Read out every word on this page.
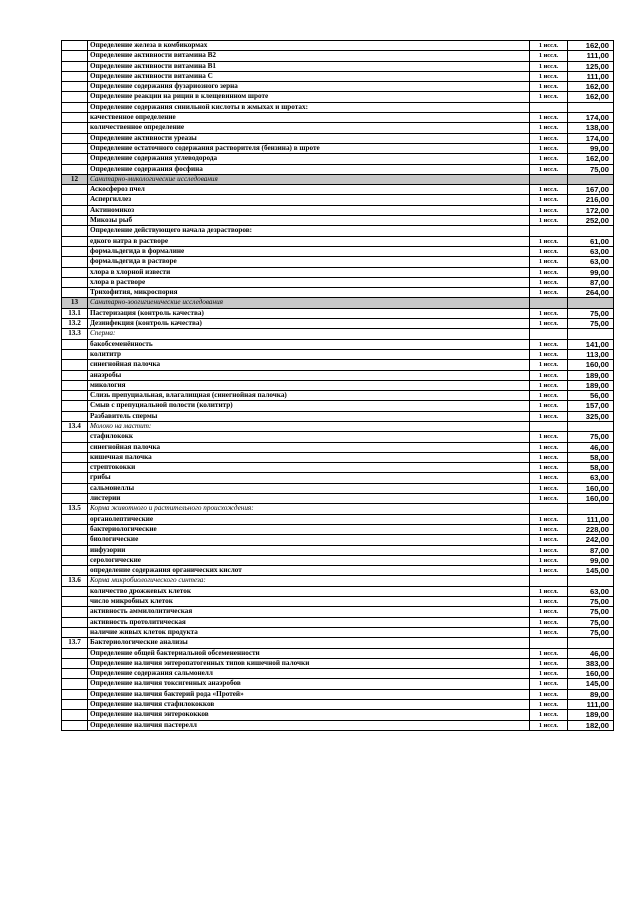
	Определение железа в комбикормах	1 иссл.	162,00
	Определение активности витамина В2	1 иссл.	111,00
	Определение активности витамина В1	1 иссл.	125,00
	Определение активности витамина С	1 иссл.	111,00
	Определение содержания фузариозного зерна	1 иссл.	162,00
	Определение реакции на рицин в клещевинном шроте	1 иссл.	162,00
	Определение содержания синильной кислоты в жмыхах и шротах:		
	качественное определение	1 иссл.	174,00
	количественное определение	1 иссл.	138,00
	Определение активности уреазы	1 иссл.	174,00
	Определение остаточного содержания растворителя (бензина) в шроте	1 иссл.	99,00
	Определение содержания углеводорода	1 иссл.	162,00
	Определение содержания фосфина	1 иссл.	75,00
12	Санитарно-микологические исследования		
	Аскосфероз пчел	1 иссл.	167,00
	Аспергиллез	1 иссл.	216,00
	Актиномикоз	1 иссл.	172,00
	Микозы рыб	1 иссл.	252,00
	Определение действующего начала дезрастворов:		
	едкого натра в растворе	1 иссл.	61,00
	формальдегида в формалине	1 иссл.	63,00
	формальдегида в растворе	1 иссл.	63,00
	хлора в хлорной извести	1 иссл.	99,00
	хлора в растворе	1 иссл.	87,00
	Трихофития, микроспория	1 иссл.	264,00
13	Санитарно-зоогигиенические исследования		
13.1	Пастеризация (контроль качества)	1 иссл.	75,00
13.2	Дезинфекция (контроль качества)	1 иссл.	75,00
13.3	Сперма:		
	бакобсеменённость	1 иссл.	141,00
	колититр	1 иссл.	113,00
	синегнойная палочка	1 иссл.	160,00
	анаэробы	1 иссл.	189,00
	микология	1 иссл.	189,00
	Слизь препуциальная, влагалищная (синегнойная палочка)	1 иссл.	56,00
	Смыв с препуциальной полости (колититр)	1 иссл.	157,00
	Разбавитель спермы	1 иссл.	325,00
13.4	Молоко на мастит:		
	стафилококк	1 иссл.	75,00
	синегнойная палочка	1 иссл.	46,00
	кишечная палочка	1 иссл.	58,00
	стрептококки	1 иссл.	58,00
	грибы	1 иссл.	63,00
	сальмонеллы	1 иссл.	160,00
	листерии	1 иссл.	160,00
13.5	Корма животного и растительного происхождения:		
	органолептические	1 иссл.	111,00
	бактериологические	1 иссл.	228,00
	биологические	1 иссл.	242,00
	инфузории	1 иссл.	87,00
	серологические	1 иссл.	99,00
	определение содержания органических кислот	1 иссл.	145,00
13.6	Корма микробиологического синтеза:		
	количество дрожжевых клеток	1 иссл.	63,00
	число микробных клеток	1 иссл.	75,00
	активность аммилолитическая	1 иссл.	75,00
	активность протолитическая	1 иссл.	75,00
	наличие живых клеток продукта	1 иссл.	75,00
13.7	Бактериологические анализы		
	Определение общей бактериальной обсемененности	1 иссл.	46,00
	Определение наличия энтеропатогенных типов кишечной палочки	1 иссл.	383,00
	Определение содержания сальмонелл	1 иссл.	160,00
	Определение наличия токсигенных анаэробов	1 иссл.	145,00
	Определение наличия бактерий рода «Протей»	1 иссл.	89,00
	Определение наличия стафилококков	1 иссл.	111,00
	Определение наличия энтерококков	1 иссл.	189,00
	Определение наличия пастерелл	1 иссл.	182,00
